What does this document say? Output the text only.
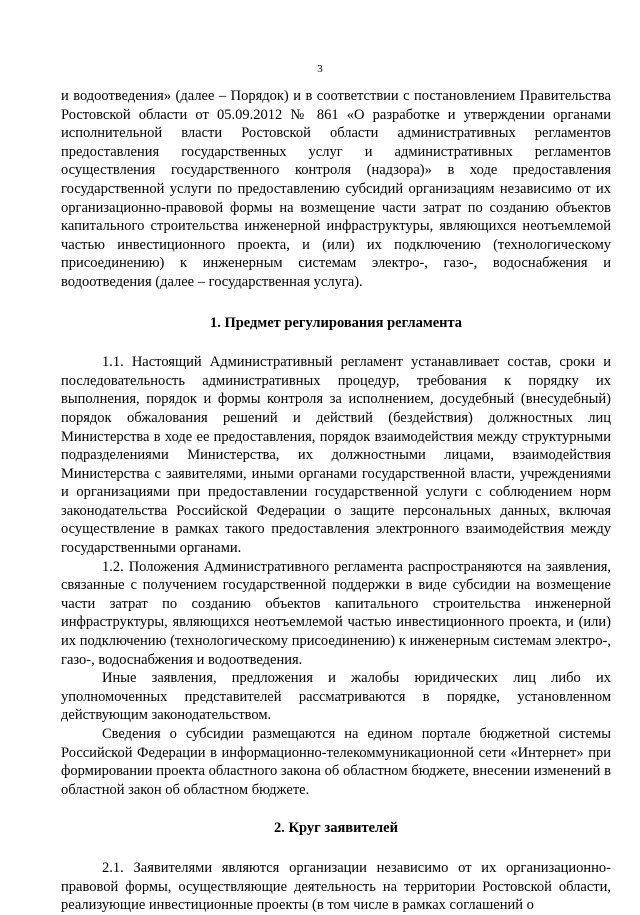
3

и водоотведения» (далее – Порядок) и в соответствии с постановлением Правительства Ростовской области от 05.09.2012 № 861 «О разработке и утверждении органами исполнительной власти Ростовской области административных регламентов предоставления государственных услуг и административных регламентов осуществления государственного контроля (надзора)» в ходе предоставления государственной услуги по предоставлению субсидий организациям независимо от их организационно-правовой формы на возмещение части затрат по созданию объектов капитального строительства инженерной инфраструктуры, являющихся неотъемлемой частью инвестиционного проекта, и (или) их подключению (технологическому присоединению) к инженерным системам электро-, газо-, водоснабжения и водоотведения (далее – государственная услуга).

1. Предмет регулирования регламента

1.1. Настоящий Административный регламент устанавливает состав, сроки и последовательность административных процедур, требования к порядку их выполнения, порядок и формы контроля за исполнением, досудебный (внесудебный) порядок обжалования решений и действий (бездействия) должностных лиц Министерства в ходе ее предоставления, порядок взаимодействия между структурными подразделениями Министерства, их должностными лицами, взаимодействия Министерства с заявителями, иными органами государственной власти, учреждениями и организациями при предоставлении государственной услуги с соблюдением норм законодательства Российской Федерации о защите персональных данных, включая осуществление в рамках такого предоставления электронного взаимодействия между государственными органами.

1.2. Положения Административного регламента распространяются на заявления, связанные с получением государственной поддержки в виде субсидии на возмещение части затрат по созданию объектов капитального строительства инженерной инфраструктуры, являющихся неотъемлемой частью инвестиционного проекта, и (или) их подключению (технологическому присоединению) к инженерным системам электро-, газо-, водоснабжения и водоотведения.

Иные заявления, предложения и жалобы юридических лиц либо их уполномоченных представителей рассматриваются в порядке, установленном действующим законодательством.

Сведения о субсидии размещаются на едином портале бюджетной системы Российской Федерации в информационно-телекоммуникационной сети «Интернет» при формировании проекта областного закона об областном бюджете, внесении изменений в областной закон об областном бюджете.

2. Круг заявителей

2.1. Заявителями являются организации независимо от их организационно-правовой формы, осуществляющие деятельность на территории Ростовской области, реализующие инвестиционные проекты (в том числе в рамках соглашений о
